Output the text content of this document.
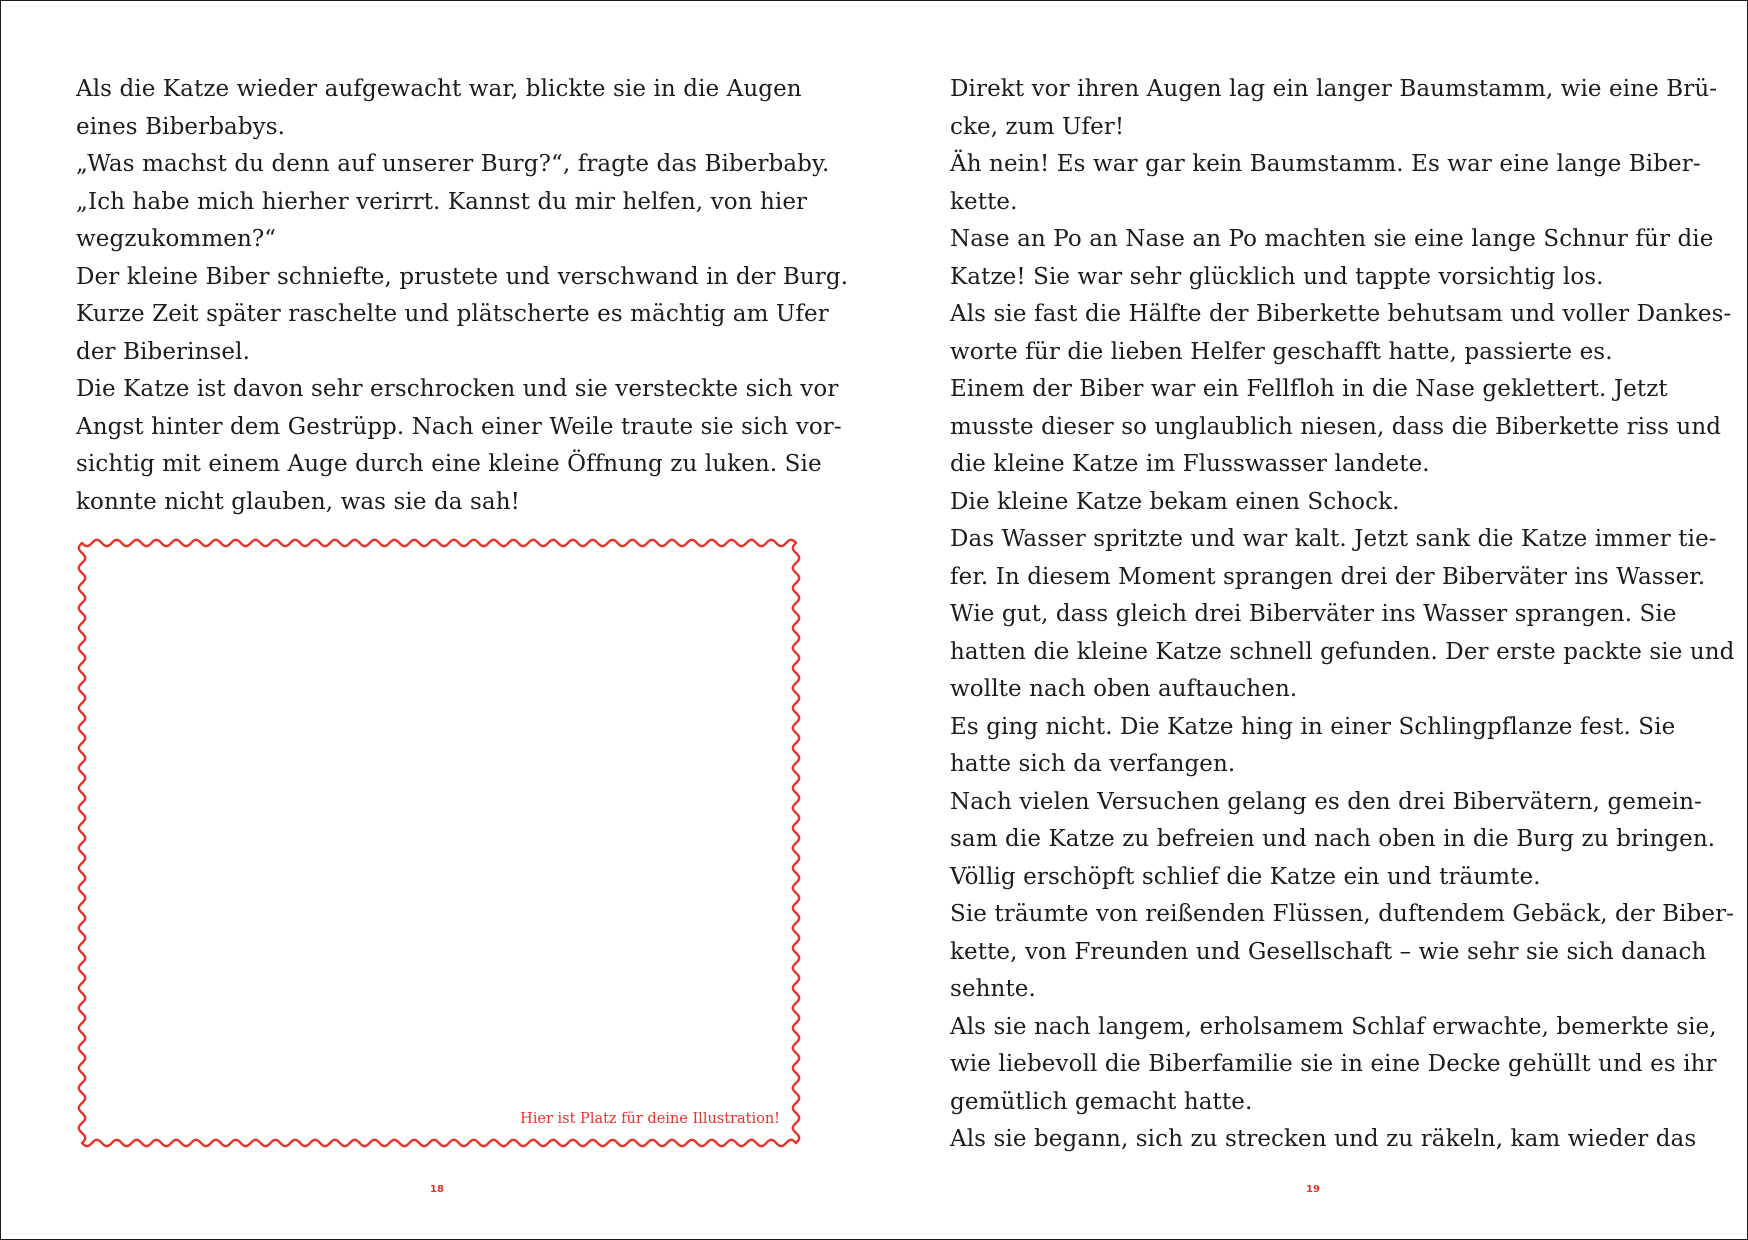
Als die Katze wieder aufgewacht war, blickte sie in die Augen
eines Biberbabys.
„Was machst du denn auf unserer Burg?“, fragte das Biberbaby.
„Ich habe mich hierher verirrt. Kannst du mir helfen, von hier
wegzukommen?“
Der kleine Biber schniefte, prustete und verschwand in der Burg.
Kurze Zeit später raschelte und plätscherte es mächtig am Ufer
der Biberinsel.
Die Katze ist davon sehr erschrocken und sie versteckte sich vor
Angst hinter dem Gestrüpp. Nach einer Weile traute sie sich vor-
sichtig mit einem Auge durch eine kleine Öffnung zu luken. Sie
konnte nicht glauben, was sie da sah!
Hier ist Platz für deine Illustration!
18
Direkt vor ihren Augen lag ein langer Baumstamm, wie eine Brü-
cke, zum Ufer!
Äh nein! Es war gar kein Baumstamm. Es war eine lange Biber-
kette.
Nase an Po an Nase an Po machten sie eine lange Schnur für die
Katze! Sie war sehr glücklich und tappte vorsichtig los.
Als sie fast die Hälfte der Biberkette behutsam und voller Dankes-
worte für die lieben Helfer geschafft hatte, passierte es.
Einem der Biber war ein Fellfloh in die Nase geklettert. Jetzt
musste dieser so unglaublich niesen, dass die Biberkette riss und
die kleine Katze im Flusswasser landete.
Die kleine Katze bekam einen Schock.
Das Wasser spritzte und war kalt. Jetzt sank die Katze immer tie-
fer. In diesem Moment sprangen drei der Biberväter ins Wasser.
Wie gut, dass gleich drei Biberväter ins Wasser sprangen. Sie
hatten die kleine Katze schnell gefunden. Der erste packte sie und
wollte nach oben auftauchen.
Es ging nicht. Die Katze hing in einer Schlingpflanze fest. Sie
hatte sich da verfangen.
Nach vielen Versuchen gelang es den drei Bibervätern, gemein-
sam die Katze zu befreien und nach oben in die Burg zu bringen.
Völlig erschöpft schlief die Katze ein und träumte.
Sie träumte von reißenden Flüssen, duftendem Gebäck, der Biber-
kette, von Freunden und Gesellschaft – wie sehr sie sich danach
sehnte.
Als sie nach langem, erholsamem Schlaf erwachte, bemerkte sie,
wie liebevoll die Biberfamilie sie in eine Decke gehüllt und es ihr
gemütlich gemacht hatte.
Als sie begann, sich zu strecken und zu räkeln, kam wieder das
19
